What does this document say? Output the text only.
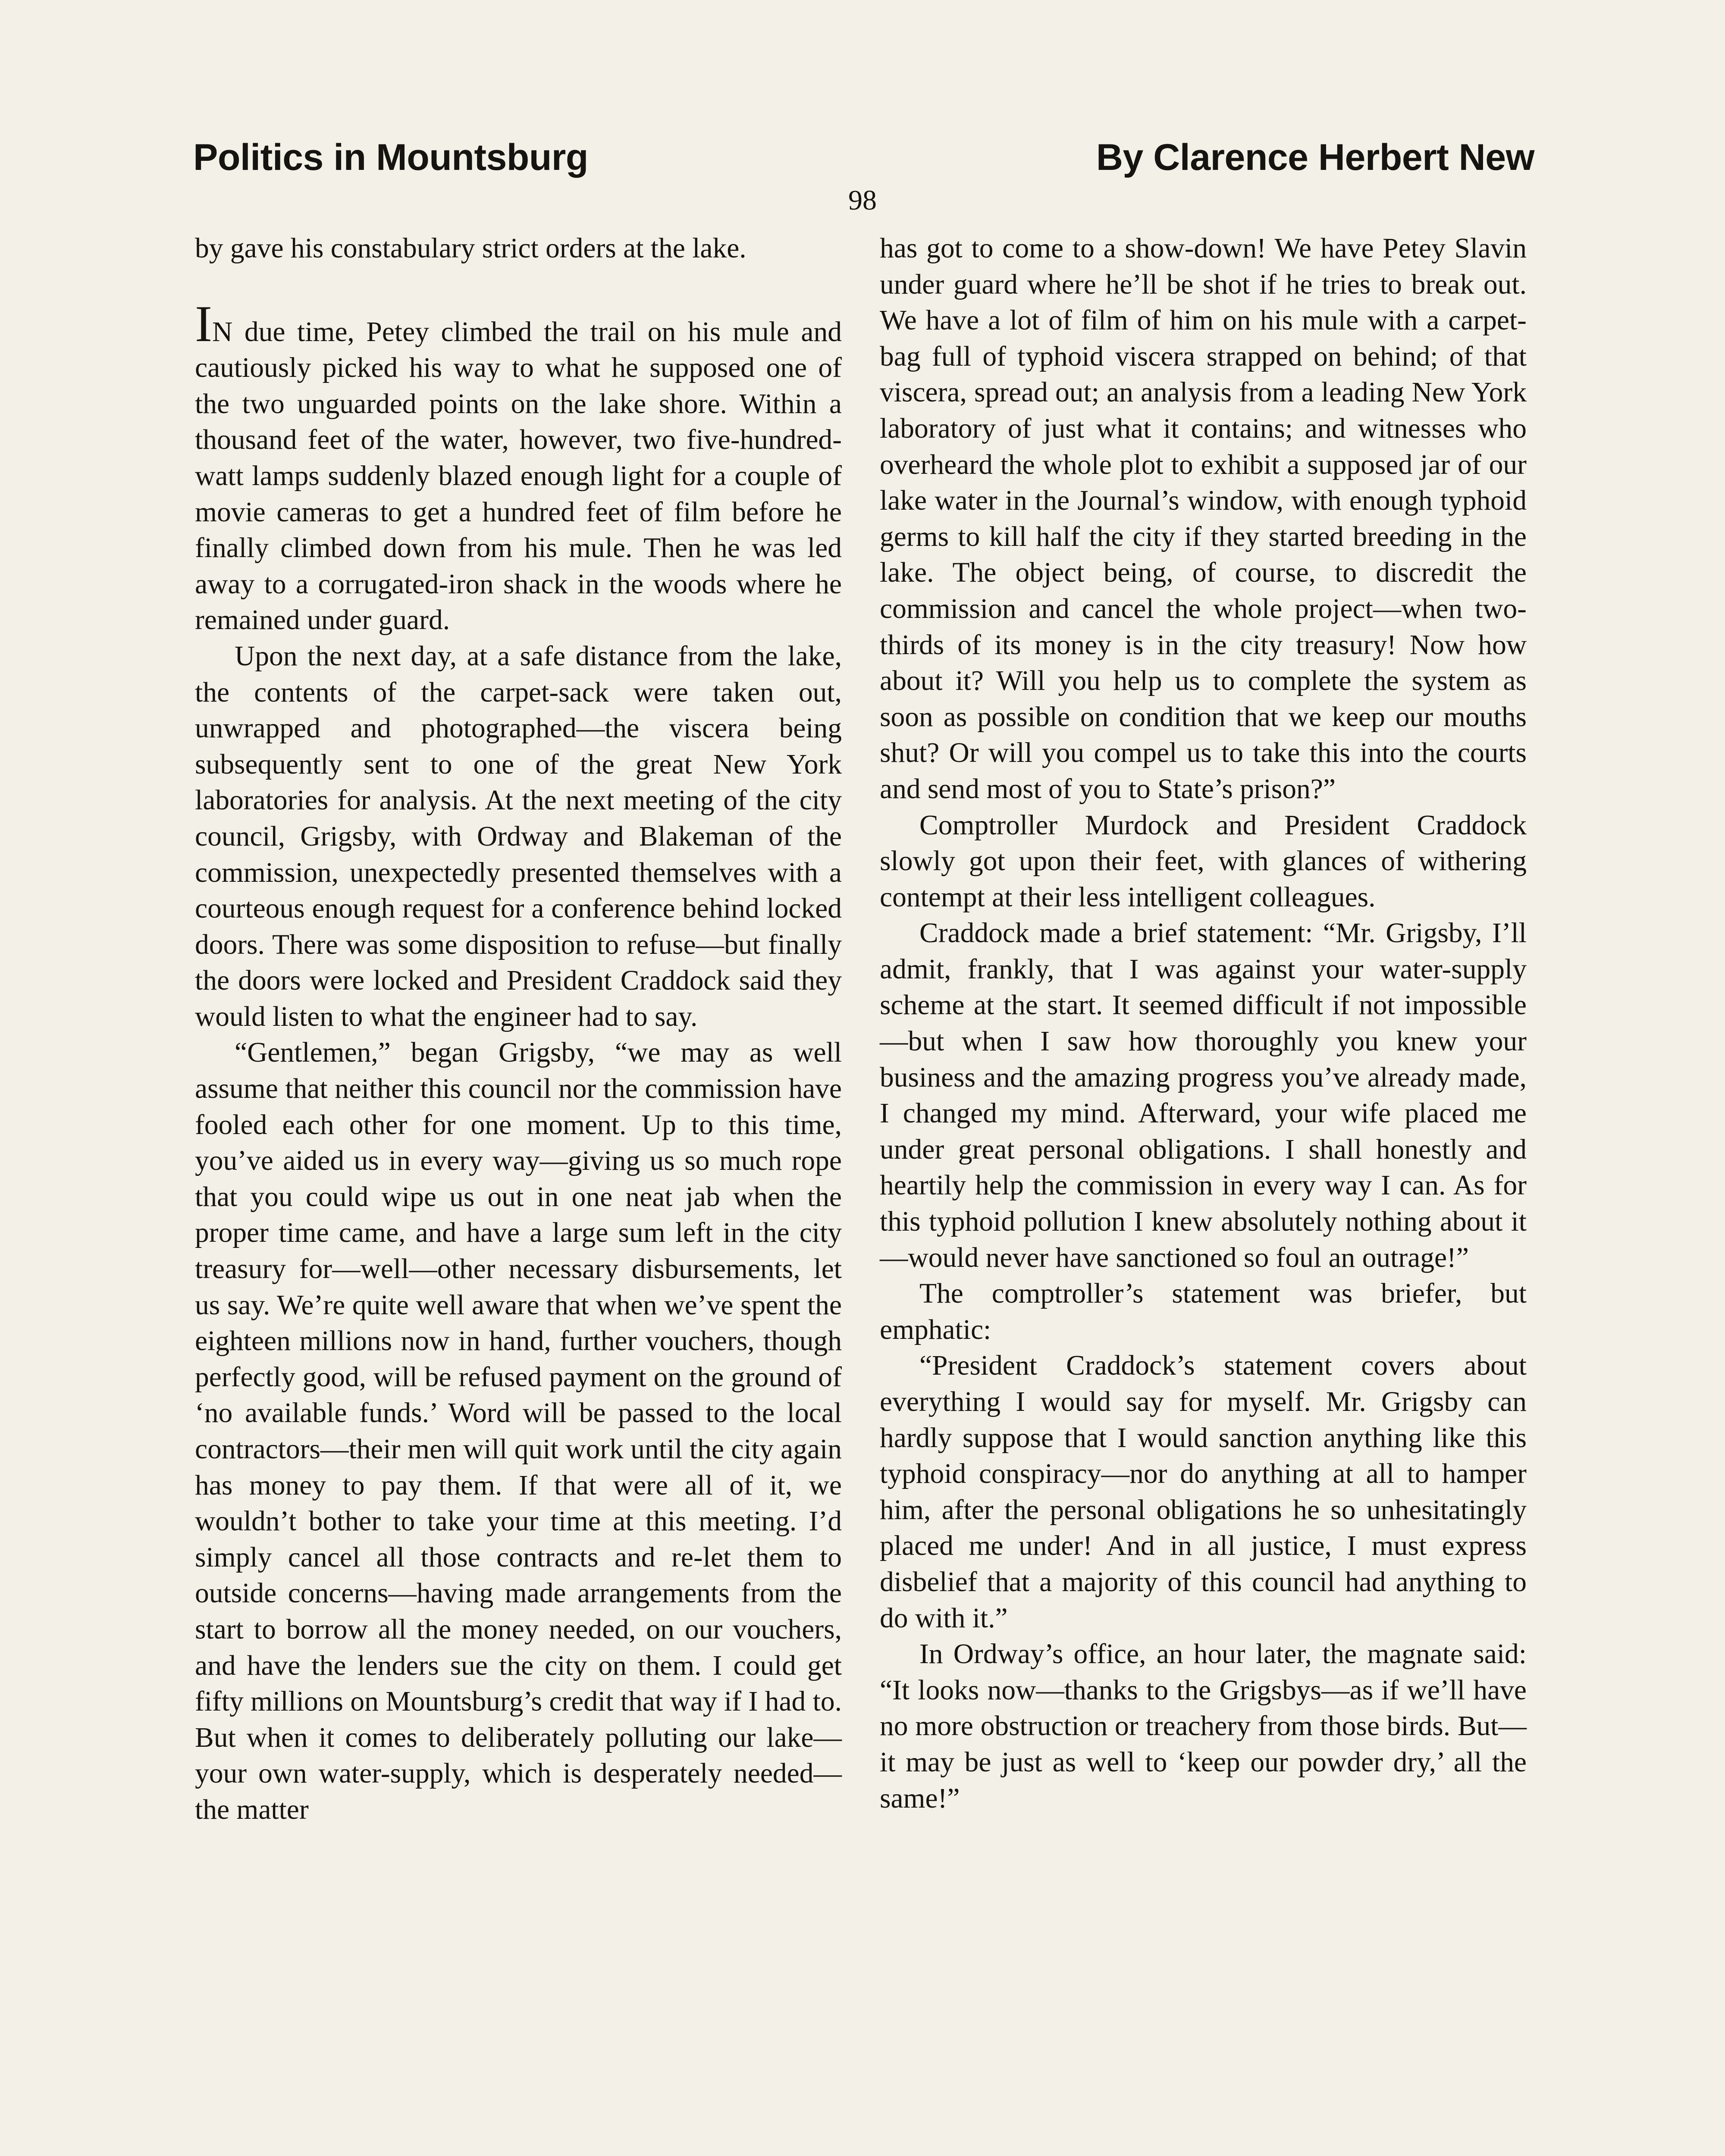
Politics in Mountsburg	By Clarence Herbert New
98

by gave his constabulary strict orders at the lake.

IN due time, Petey climbed the trail on his mule and cautiously picked his way to what he supposed one of the two unguarded points on the lake shore. Within a thousand feet of the water, however, two five-hundred-watt lamps suddenly blazed enough light for a couple of movie cameras to get a hundred feet of film before he finally climbed down from his mule. Then he was led away to a corrugated-iron shack in the woods where he remained under guard.

Upon the next day, at a safe distance from the lake, the contents of the carpet-sack were taken out, unwrapped and photographed—the viscera being subsequently sent to one of the great New York laboratories for analysis. At the next meeting of the city council, Grigsby, with Ordway and Blakeman of the commission, unexpectedly presented themselves with a courteous enough request for a conference behind locked doors. There was some disposition to refuse—but finally the doors were locked and President Craddock said they would listen to what the engineer had to say.

“Gentlemen,” began Grigsby, “we may as well assume that neither this council nor the commission have fooled each other for one moment. Up to this time, you’ve aided us in every way—giving us so much rope that you could wipe us out in one neat jab when the proper time came, and have a large sum left in the city treasury for—well—other necessary disbursements, let us say. We’re quite well aware that when we’ve spent the eighteen millions now in hand, further vouchers, though perfectly good, will be refused payment on the ground of ‘no available funds.’ Word will be passed to the local contractors—their men will quit work until the city again has money to pay them. If that were all of it, we wouldn’t bother to take your time at this meeting. I’d simply cancel all those contracts and re-let them to outside concerns—having made arrangements from the start to borrow all the money needed, on our vouchers, and have the lenders sue the city on them. I could get fifty millions on Mountsburg’s credit that way if I had to. But when it comes to deliberately polluting our lake—your own water-supply, which is desperately needed—the matter

has got to come to a show-down! We have Petey Slavin under guard where he’ll be shot if he tries to break out. We have a lot of film of him on his mule with a carpet-bag full of typhoid viscera strapped on behind; of that viscera, spread out; an analysis from a leading New York laboratory of just what it contains; and witnesses who overheard the whole plot to exhibit a supposed jar of our lake water in the Journal’s window, with enough typhoid germs to kill half the city if they started breeding in the lake. The object being, of course, to discredit the commission and cancel the whole project—when two-thirds of its money is in the city treasury! Now how about it? Will you help us to complete the system as soon as possible on condition that we keep our mouths shut? Or will you compel us to take this into the courts and send most of you to State’s prison?”

Comptroller Murdock and President Craddock slowly got upon their feet, with glances of withering contempt at their less intelligent colleagues.

Craddock made a brief statement: “Mr. Grigsby, I’ll admit, frankly, that I was against your water-supply scheme at the start. It seemed difficult if not impossible—but when I saw how thoroughly you knew your business and the amazing progress you’ve already made, I changed my mind. Afterward, your wife placed me under great personal obligations. I shall honestly and heartily help the commission in every way I can. As for this typhoid pollution I knew absolutely nothing about it—would never have sanctioned so foul an outrage!”

The comptroller’s statement was briefer, but emphatic:

“President Craddock’s statement covers about everything I would say for myself. Mr. Grigsby can hardly suppose that I would sanction anything like this typhoid conspiracy—nor do anything at all to hamper him, after the personal obligations he so unhesitatingly placed me under! And in all justice, I must express disbelief that a majority of this council had anything to do with it.”

In Ordway’s office, an hour later, the magnate said: “It looks now—thanks to the Grigsbys—as if we’ll have no more obstruction or treachery from those birds. But—it may be just as well to ‘keep our powder dry,’ all the same!”
